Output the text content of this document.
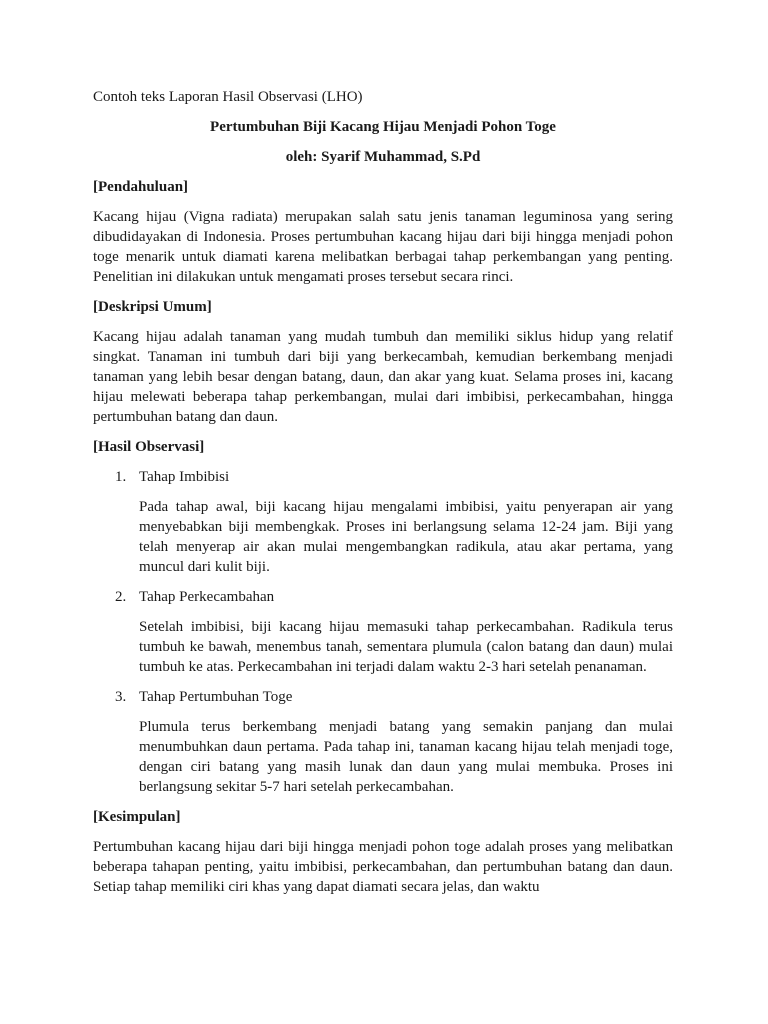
Contoh teks Laporan Hasil Observasi (LHO)

Pertumbuhan Biji Kacang Hijau Menjadi Pohon Toge

oleh: Syarif Muhammad, S.Pd

[Pendahuluan]

Kacang hijau (Vigna radiata) merupakan salah satu jenis tanaman leguminosa yang sering dibudidayakan di Indonesia. Proses pertumbuhan kacang hijau dari biji hingga menjadi pohon toge menarik untuk diamati karena melibatkan berbagai tahap perkembangan yang penting. Penelitian ini dilakukan untuk mengamati proses tersebut secara rinci.

[Deskripsi Umum]

Kacang hijau adalah tanaman yang mudah tumbuh dan memiliki siklus hidup yang relatif singkat. Tanaman ini tumbuh dari biji yang berkecambah, kemudian berkembang menjadi tanaman yang lebih besar dengan batang, daun, dan akar yang kuat. Selama proses ini, kacang hijau melewati beberapa tahap perkembangan, mulai dari imbibisi, perkecambahan, hingga pertumbuhan batang dan daun.

[Hasil Observasi]

1. Tahap Imbibisi

Pada tahap awal, biji kacang hijau mengalami imbibisi, yaitu penyerapan air yang menyebabkan biji membengkak. Proses ini berlangsung selama 12-24 jam. Biji yang telah menyerap air akan mulai mengembangkan radikula, atau akar pertama, yang muncul dari kulit biji.

2. Tahap Perkecambahan

Setelah imbibisi, biji kacang hijau memasuki tahap perkecambahan. Radikula terus tumbuh ke bawah, menembus tanah, sementara plumula (calon batang dan daun) mulai tumbuh ke atas. Perkecambahan ini terjadi dalam waktu 2-3 hari setelah penanaman.

3. Tahap Pertumbuhan Toge

Plumula terus berkembang menjadi batang yang semakin panjang dan mulai menumbuhkan daun pertama. Pada tahap ini, tanaman kacang hijau telah menjadi toge, dengan ciri batang yang masih lunak dan daun yang mulai membuka. Proses ini berlangsung sekitar 5-7 hari setelah perkecambahan.

[Kesimpulan]

Pertumbuhan kacang hijau dari biji hingga menjadi pohon toge adalah proses yang melibatkan beberapa tahapan penting, yaitu imbibisi, perkecambahan, dan pertumbuhan batang dan daun. Setiap tahap memiliki ciri khas yang dapat diamati secara jelas, dan waktu
